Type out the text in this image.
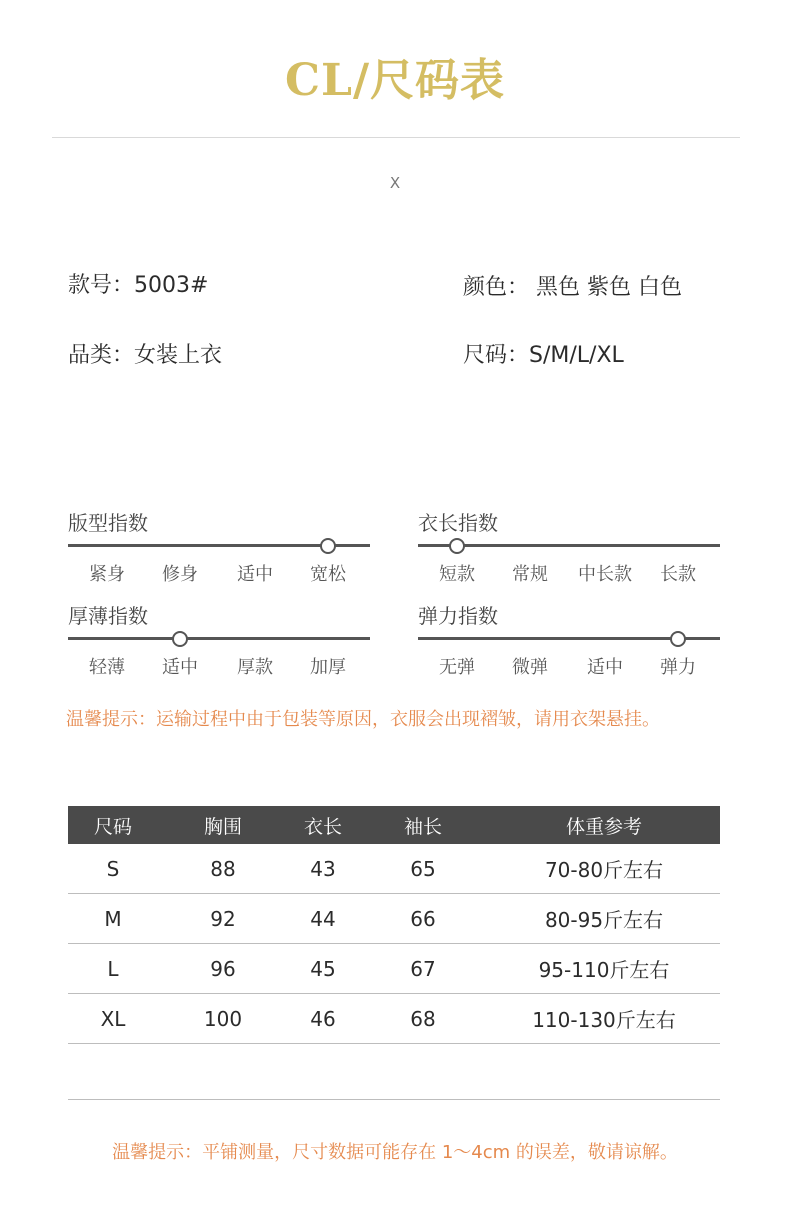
CL/尺码表
X
款号：5003#	颜色： 黑色 紫色 白色
品类：女装上衣	尺码：S/M/L/XL
版型指数
紧身	修身	适中	宽松
衣长指数
短款	常规	中长款	长款
厚薄指数
轻薄	适中	厚款	加厚
弹力指数
无弹	微弹	适中	弹力
温馨提示：运输过程中由于包装等原因，衣服会出现褶皱，请用衣架悬挂。
尺码	胸围	衣长	袖长	体重参考
S	88	43	65	70-80斤左右
M	92	44	66	80-95斤左右
L	96	45	67	95-110斤左右
XL	100	46	68	110-130斤左右
温馨提示：平铺测量，尺寸数据可能存在 1～4cm 的误差，敬请谅解。
